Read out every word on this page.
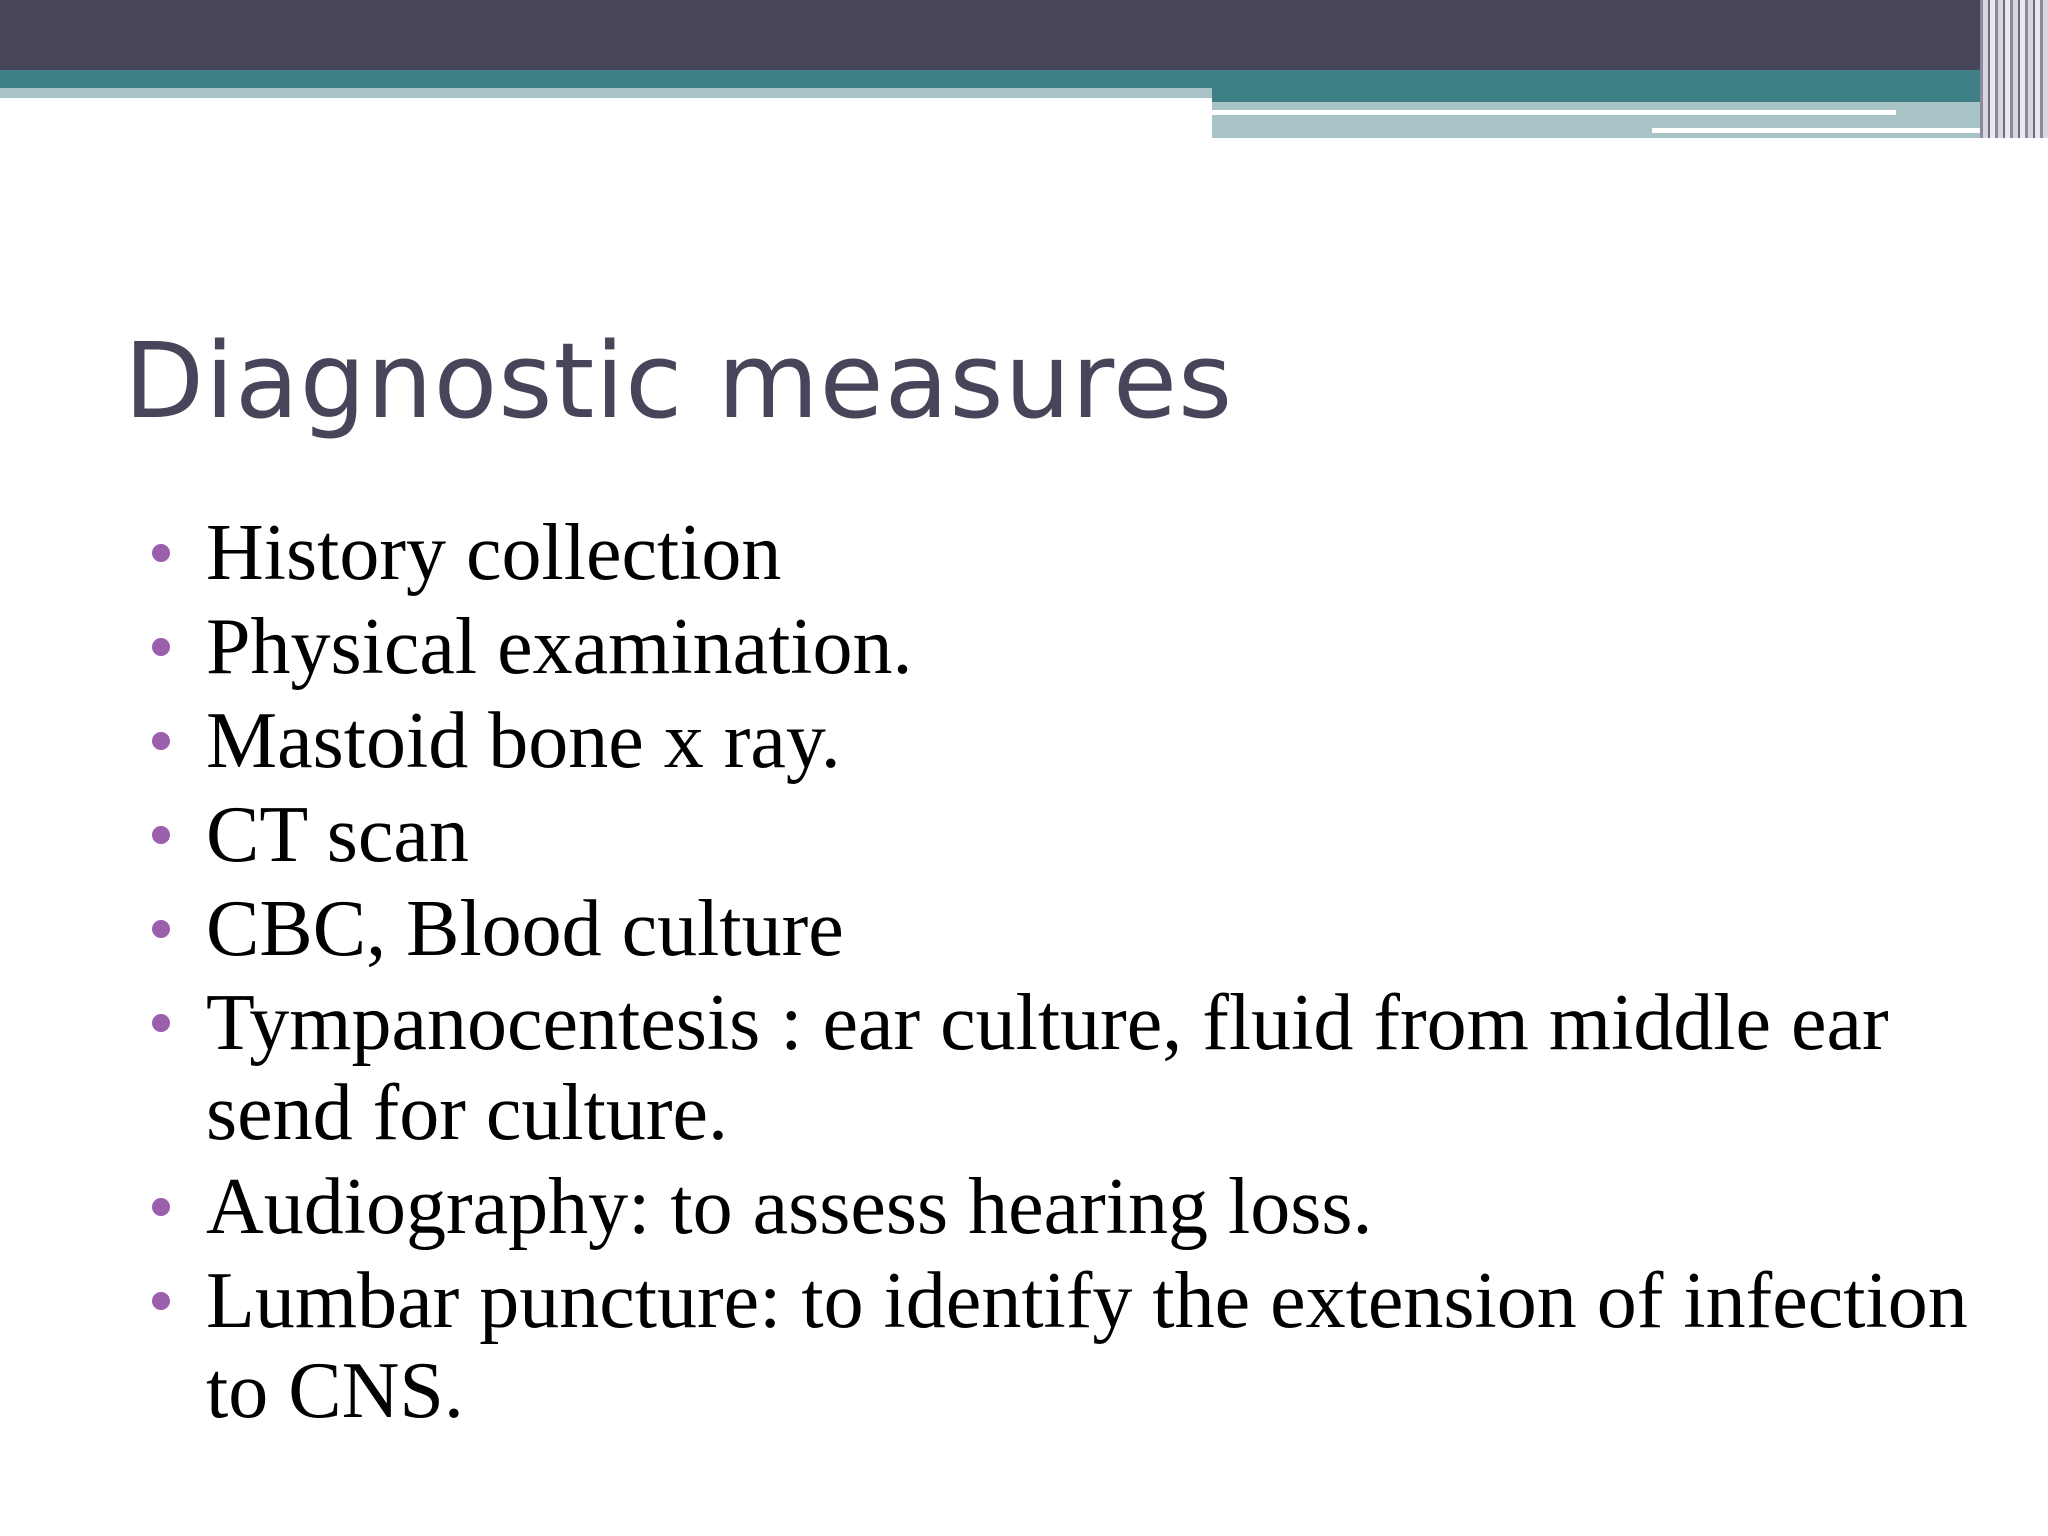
Diagnostic measures
History collection
Physical examination.
Mastoid bone x ray.
CT scan
CBC, Blood culture
Tympanocentesis : ear culture, fluid from middle ear send for culture.
Audiography: to assess hearing loss.
Lumbar puncture: to identify the extension of infection to CNS.
